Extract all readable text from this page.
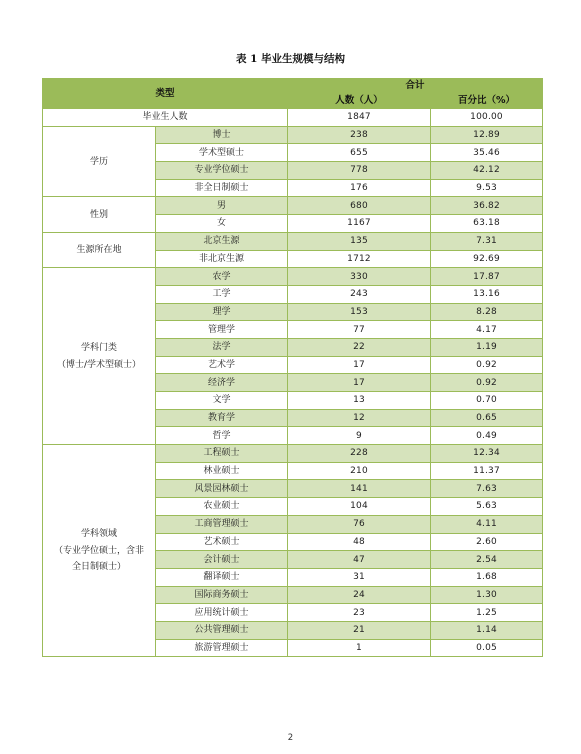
表 1 毕业生规模与结构
类型		合计	
		人数（人）	百分比（%）
毕业生人数		1847	100.00
学历	博士	238	12.89
	学术型硕士	655	35.46
	专业学位硕士	778	42.12
	非全日制硕士	176	9.53
性别	男	680	36.82
	女	1167	63.18
生源所在地	北京生源	135	7.31
	非北京生源	1712	92.69

学科门类
（博士/学术型硕士）	农学	330	17.87
	工学	243	13.16
	理学	153	8.28
	管理学	77	4.17
	法学	22	1.19
	艺术学	17	0.92
	经济学	17	0.92
	文学	13	0.70
	教育学	12	0.65
	哲学	9	0.49

学科领域
（专业学位硕士，含非
全日制硕士）	工程硕士	228	12.34
	林业硕士	210	11.37
	风景园林硕士	141	7.63
	农业硕士	104	5.63
	工商管理硕士	76	4.11
	艺术硕士	48	2.60
	会计硕士	47	2.54
	翻译硕士	31	1.68
	国际商务硕士	24	1.30
	应用统计硕士	23	1.25
	公共管理硕士	21	1.14
	旅游管理硕士	1	0.05
2
